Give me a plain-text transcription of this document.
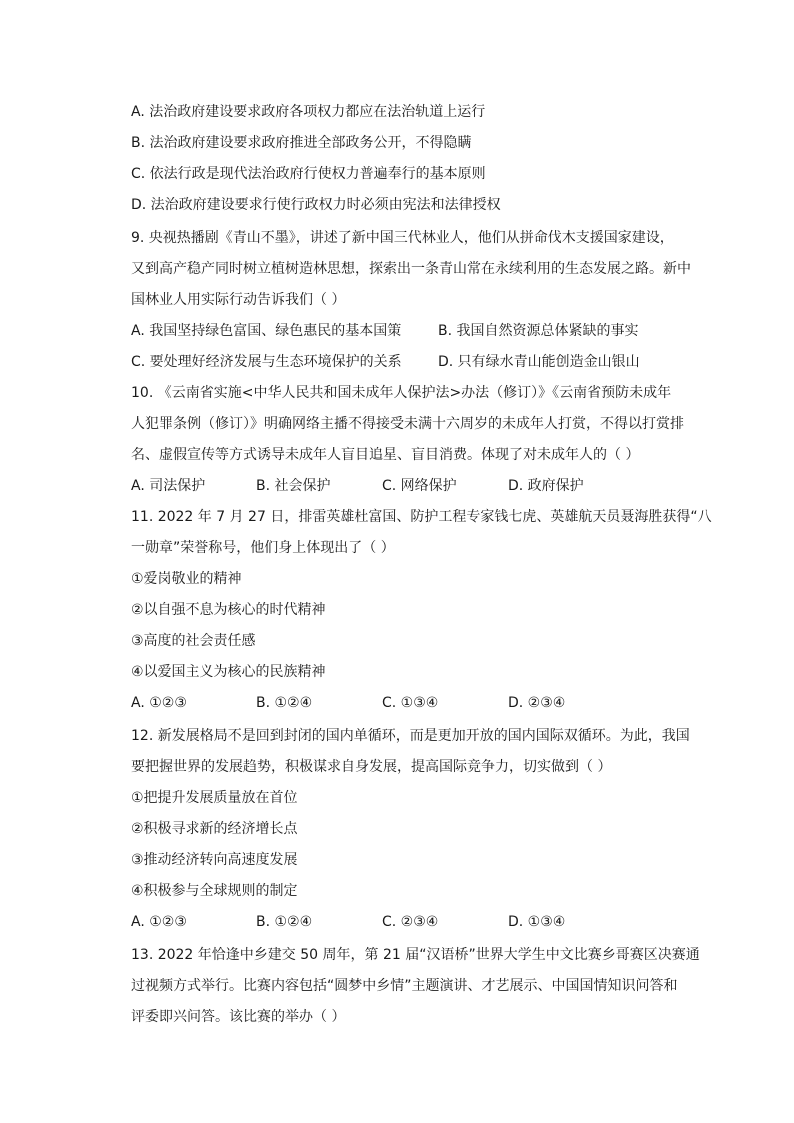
A. 法治政府建设要求政府各项权力都应在法治轨道上运行
B. 法治政府建设要求政府推进全部政务公开，不得隐瞒
C. 依法行政是现代法治政府行使权力普遍奉行的基本原则
D. 法治政府建设要求行使行政权力时必须由宪法和法律授权
9. 央视热播剧《青山不墨》，讲述了新中国三代林业人，他们从拼命伐木支援国家建设，
又到高产稳产同时树立植树造林思想，探索出一条青山常在永续利用的生态发展之路。新中
国林业人用实际行动告诉我们（ ）
A. 我国坚持绿色富国、绿色惠民的基本国策	B. 我国自然资源总体紧缺的事实
C. 要处理好经济发展与生态环境保护的关系	D. 只有绿水青山能创造金山银山
10. 《云南省实施<中华人民共和国未成年人保护法>办法（修订）》《云南省预防未成年
人犯罪条例（修订）》明确网络主播不得接受未满十六周岁的未成年人打赏，不得以打赏排
名、虚假宣传等方式诱导未成年人盲目追星、盲目消费。体现了对未成年人的（ ）
A. 司法保护	B. 社会保护	C. 网络保护	D. 政府保护
11. 2022 年 7 月 27 日，排雷英雄杜富国、防护工程专家钱七虎、英雄航天员聂海胜获得“八
一勋章”荣誉称号，他们身上体现出了（ ）
①爱岗敬业的精神
②以自强不息为核心的时代精神
③高度的社会责任感
④以爱国主义为核心的民族精神
A. ①②③	B. ①②④	C. ①③④	D. ②③④
12. 新发展格局不是回到封闭的国内单循环，而是更加开放的国内国际双循环。为此，我国
要把握世界的发展趋势，积极谋求自身发展，提高国际竞争力，切实做到（ ）
①把提升发展质量放在首位
②积极寻求新的经济增长点
③推动经济转向高速度发展
④积极参与全球规则的制定
A. ①②③	B. ①②④	C. ②③④	D. ①③④
13. 2022 年恰逢中乡建交 50 周年，第 21 届“汉语桥”世界大学生中文比赛乡哥赛区决赛通
过视频方式举行。比赛内容包括“圆梦中乡情”主题演讲、才艺展示、中国国情知识问答和
评委即兴问答。该比赛的举办（ ）
